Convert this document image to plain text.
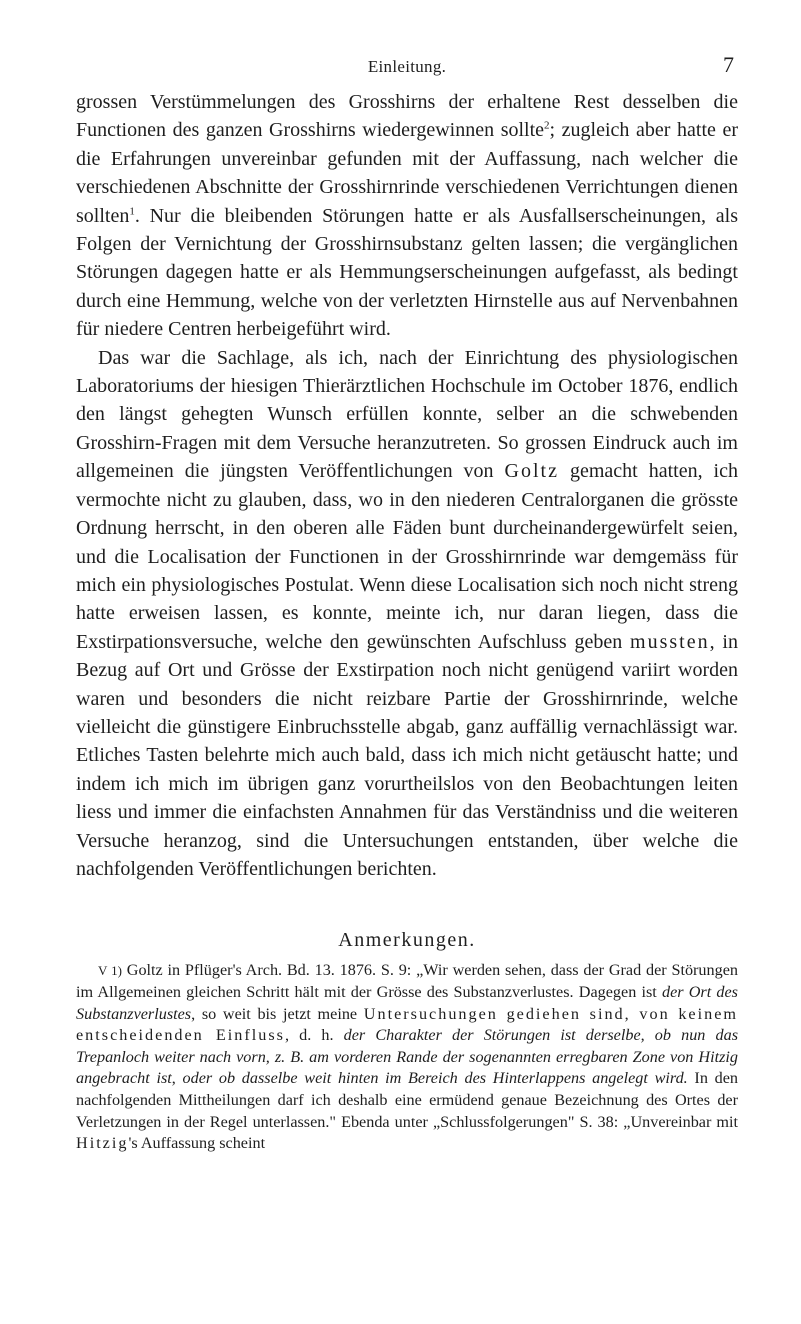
Einleitung.	7

grossen Verstümmelungen des Grosshirns der erhaltene Rest desselben die Functionen des ganzen Grosshirns wiedergewinnen sollte$^2$; zugleich aber hatte er die Erfahrungen unvereinbar gefunden mit der Auffassung, nach welcher die verschiedenen Abschnitte der Grosshirnrinde verschiedenen Verrichtungen dienen sollten$^1$. Nur die bleibenden Störungen hatte er als Ausfallserscheinungen, als Folgen der Vernichtung der Grosshirnsubstanz gelten lassen; die vergänglichen Störungen dagegen hatte er als Hemmungserscheinungen aufgefasst, als bedingt durch eine Hemmung, welche von der verletzten Hirnstelle aus auf Nervenbahnen für niedere Centren herbeigeführt wird.

Das war die Sachlage, als ich, nach der Einrichtung des physiologischen Laboratoriums der hiesigen Thierärztlichen Hochschule im October 1876, endlich den längst gehegten Wunsch erfüllen konnte, selber an die schwebenden Grosshirn-Fragen mit dem Versuche heranzutreten. So grossen Eindruck auch im allgemeinen die jüngsten Veröffentlichungen von Goltz gemacht hatten, ich vermochte nicht zu glauben, dass, wo in den niederen Centralorganen die grösste Ordnung herrscht, in den oberen alle Fäden bunt durcheinandergewürfelt seien, und die Localisation der Functionen in der Grosshirnrinde war demgemäss für mich ein physiologisches Postulat. Wenn diese Localisation sich noch nicht streng hatte erweisen lassen, es konnte, meinte ich, nur daran liegen, dass die Exstirpationsversuche, welche den gewünschten Aufschluss geben mussten, in Bezug auf Ort und Grösse der Exstirpation noch nicht genügend variirt worden waren und besonders die nicht reizbare Partie der Grosshirnrinde, welche vielleicht die günstigere Einbruchsstelle abgab, ganz auffällig vernachlässigt war. Etliches Tasten belehrte mich auch bald, dass ich mich nicht getäuscht hatte; und indem ich mich im übrigen ganz vorurtheilslos von den Beobachtungen leiten liess und immer die einfachsten Annahmen für das Verständniss und die weiteren Versuche heranzog, sind die Untersuchungen entstanden, über welche die nachfolgenden Veröffentlichungen berichten.

Anmerkungen.

V 1) Goltz in Pflüger's Arch. Bd. 13. 1876. S. 9: „Wir werden sehen, dass der Grad der Störungen im Allgemeinen gleichen Schritt hält mit der Grösse des Substanzverlustes. Dagegen ist der Ort des Substanzverlustes, so weit bis jetzt meine Untersuchungen gediehen sind, von keinem entscheidenden Einfluss, d. h. der Charakter der Störungen ist derselbe, ob nun das Trepanloch weiter nach vorn, z. B. am vorderen Rande der sogenannten erregbaren Zone von Hitzig angebracht ist, oder ob dasselbe weit hinten im Bereich des Hinterlappens angelegt wird. In den nachfolgenden Mittheilungen darf ich deshalb eine ermüdend genaue Bezeichnung des Ortes der Verletzungen in der Regel unterlassen." Ebenda unter „Schlussfolgerungen" S. 38: „Unvereinbar mit Hitzig's Auffassung scheint
